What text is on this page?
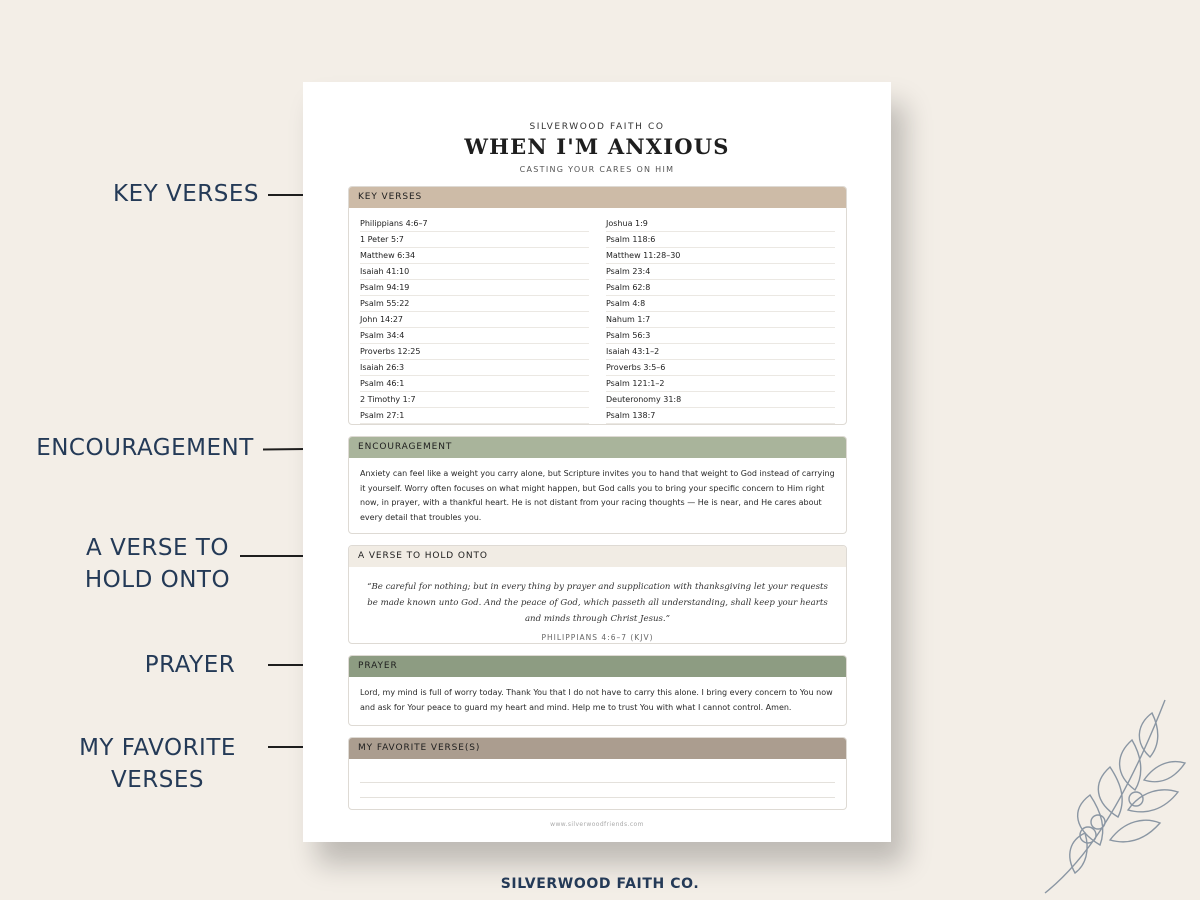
KEY VERSES
ENCOURAGEMENT
A VERSE TO
HOLD ONTO
PRAYER
MY FAVORITE
VERSES
SILVERWOOD FAITH CO
WHEN I'M ANXIOUS
CASTING YOUR CARES ON HIM
KEY VERSES
Philippians 4:6–7
1 Peter 5:7
Matthew 6:34
Isaiah 41:10
Psalm 94:19
Psalm 55:22
John 14:27
Psalm 34:4
Proverbs 12:25
Isaiah 26:3
Psalm 46:1
2 Timothy 1:7
Psalm 27:1
Joshua 1:9
Psalm 118:6
Matthew 11:28–30
Psalm 23:4
Psalm 62:8
Psalm 4:8
Nahum 1:7
Psalm 56:3
Isaiah 43:1–2
Proverbs 3:5–6
Psalm 121:1–2
Deuteronomy 31:8
Psalm 138:7
ENCOURAGEMENT
Anxiety can feel like a weight you carry alone, but Scripture invites you to hand that weight to God instead of carrying it yourself. Worry often focuses on what might happen, but God calls you to bring your specific concern to Him right now, in prayer, with a thankful heart. He is not distant from your racing thoughts — He is near, and He cares about every detail that troubles you.
A VERSE TO HOLD ONTO
“Be careful for nothing; but in every thing by prayer and supplication with thanksgiving let your requests be made known unto God. And the peace of God, which passeth all understanding, shall keep your hearts and minds through Christ Jesus.”
PHILIPPIANS 4:6–7 (KJV)
PRAYER
Lord, my mind is full of worry today. Thank You that I do not have to carry this alone. I bring every concern to You now and ask for Your peace to guard my heart and mind. Help me to trust You with what I cannot control. Amen.
MY FAVORITE VERSE(S)
www.silverwoodfriends.com
SILVERWOOD FAITH CO.
